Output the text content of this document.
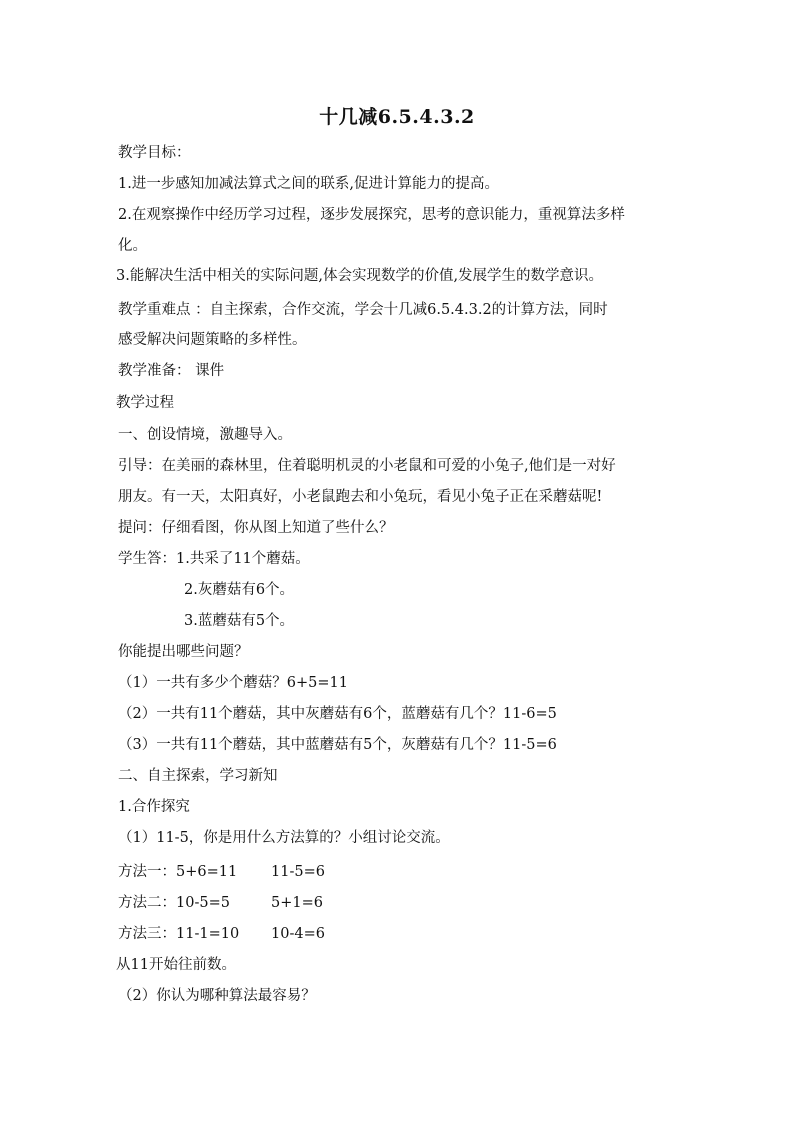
十几减6.5.4.3.2
教学目标：
1.进一步感知加减法算式之间的联系,促进计算能力的提高。
2.在观察操作中经历学习过程，逐步发展探究，思考的意识能力，重视算法多样
化。
3.能解决生活中相关的实际问题,体会实现数学的价值,发展学生的数学意识。
教学重难点 ：自主探索，合作交流，学会十几减6.5.4.3.2的计算方法，同时
感受解决问题策略的多样性。
教学准备： 课件
教学过程
一、创设情境，激趣导入。
引导：在美丽的森林里，住着聪明机灵的小老鼠和可爱的小兔子,他们是一对好
朋友。有一天，太阳真好，小老鼠跑去和小兔玩，看见小兔子正在采蘑菇呢!
提问：仔细看图，你从图上知道了些什么？
学生答：1.共采了11个蘑菇。
2.灰蘑菇有6个。
3.蓝蘑菇有5个。
你能提出哪些问题？
（1）一共有多少个蘑菇？6+5=11
（2）一共有11个蘑菇，其中灰蘑菇有6个，蓝蘑菇有几个？11-6=5
（3）一共有11个蘑菇，其中蓝蘑菇有5个，灰蘑菇有几个？11-5=6
二、自主探索，学习新知
1.合作探究
（1）11-5，你是用什么方法算的？小组讨论交流。
方法一：5+6=11 11-5=6
方法二：10-5=5	5+1=6
方法三：11-1=10 10-4=6
从11开始往前数。
（2）你认为哪种算法最容易？
